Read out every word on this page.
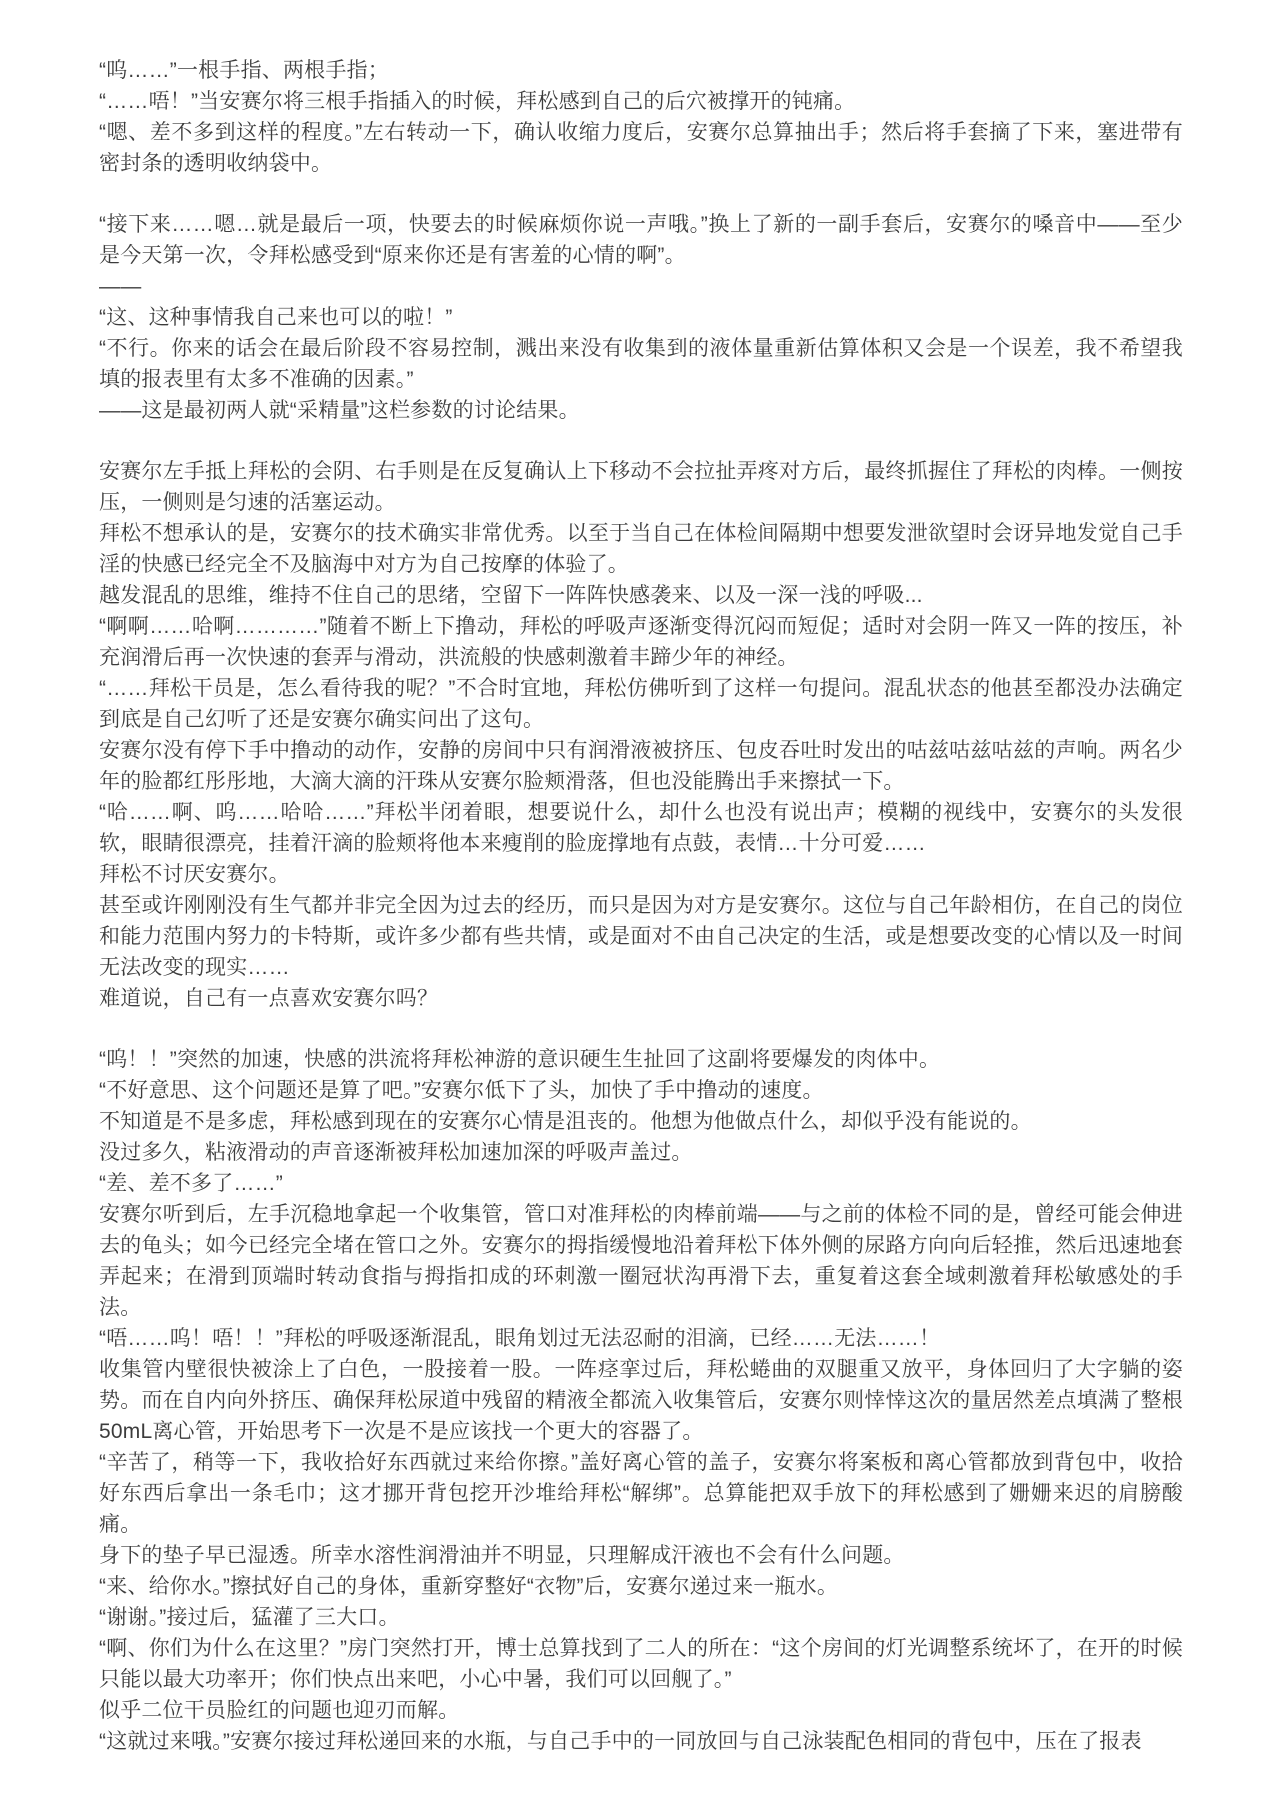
“呜……”一根手指、两根手指；

“……唔！”当安赛尔将三根手指插入的时候，拜松感到自己的后穴被撑开的钝痛。

“嗯、差不多到这样的程度。”左右转动一下，确认收缩力度后，安赛尔总算抽出手；然后将手套摘了下来，塞进带有密封条的透明收纳袋中。

“接下来……嗯…就是最后一项，快要去的时候麻烦你说一声哦。”换上了新的一副手套后，安赛尔的嗓音中——至少是今天第一次，令拜松感受到“原来你还是有害羞的心情的啊”。

——

“这、这种事情我自己来也可以的啦！”

“不行。你来的话会在最后阶段不容易控制，溅出来没有收集到的液体量重新估算体积又会是一个误差，我不希望我填的报表里有太多不准确的因素。”

——这是最初两人就“采精量”这栏参数的讨论结果。

安赛尔左手抵上拜松的会阴、右手则是在反复确认上下移动不会拉扯弄疼对方后，最终抓握住了拜松的肉棒。一侧按压，一侧则是匀速的活塞运动。

拜松不想承认的是，安赛尔的技术确实非常优秀。以至于当自己在体检间隔期中想要发泄欲望时会讶异地发觉自己手淫的快感已经完全不及脑海中对方为自己按摩的体验了。

越发混乱的思维，维持不住自己的思绪，空留下一阵阵快感袭来、以及一深一浅的呼吸...

“啊啊……哈啊…………”随着不断上下撸动，拜松的呼吸声逐渐变得沉闷而短促；适时对会阴一阵又一阵的按压，补充润滑后再一次快速的套弄与滑动，洪流般的快感刺激着丰蹄少年的神经。

“……拜松干员是，怎么看待我的呢？”不合时宜地，拜松仿佛听到了这样一句提问。混乱状态的他甚至都没办法确定到底是自己幻听了还是安赛尔确实问出了这句。

安赛尔没有停下手中撸动的动作，安静的房间中只有润滑液被挤压、包皮吞吐时发出的咕兹咕兹咕兹的声响。两名少年的脸都红彤彤地，大滴大滴的汗珠从安赛尔脸颊滑落，但也没能腾出手来擦拭一下。

“哈……啊、呜……哈哈……”拜松半闭着眼，想要说什么，却什么也没有说出声；模糊的视线中，安赛尔的头发很软，眼睛很漂亮，挂着汗滴的脸颊将他本来瘦削的脸庞撑地有点鼓，表情…十分可爱……

拜松不讨厌安赛尔。

甚至或许刚刚没有生气都并非完全因为过去的经历，而只是因为对方是安赛尔。这位与自己年龄相仿，在自己的岗位和能力范围内努力的卡特斯，或许多少都有些共情，或是面对不由自己决定的生活，或是想要改变的心情以及一时间无法改变的现实……

难道说，自己有一点喜欢安赛尔吗？

“呜！！”突然的加速，快感的洪流将拜松神游的意识硬生生扯回了这副将要爆发的肉体中。

“不好意思、这个问题还是算了吧。”安赛尔低下了头，加快了手中撸动的速度。

不知道是不是多虑，拜松感到现在的安赛尔心情是沮丧的。他想为他做点什么，却似乎没有能说的。

没过多久，粘液滑动的声音逐渐被拜松加速加深的呼吸声盖过。

“差、差不多了……”

安赛尔听到后，左手沉稳地拿起一个收集管，管口对准拜松的肉棒前端——与之前的体检不同的是，曾经可能会伸进去的龟头；如今已经完全堵在管口之外。安赛尔的拇指缓慢地沿着拜松下体外侧的尿路方向向后轻推，然后迅速地套弄起来；在滑到顶端时转动食指与拇指扣成的环刺激一圈冠状沟再滑下去，重复着这套全域刺激着拜松敏感处的手法。

“唔……呜！唔！！”拜松的呼吸逐渐混乱，眼角划过无法忍耐的泪滴，已经……无法……！

收集管内壁很快被涂上了白色，一股接着一股。一阵痉挛过后，拜松蜷曲的双腿重又放平，身体回归了大字躺的姿势。而在自内向外挤压、确保拜松尿道中残留的精液全都流入收集管后，安赛尔则悻悻这次的量居然差点填满了整根50mL离心管，开始思考下一次是不是应该找一个更大的容器了。

“辛苦了，稍等一下，我收拾好东西就过来给你擦。”盖好离心管的盖子，安赛尔将案板和离心管都放到背包中，收拾好东西后拿出一条毛巾；这才挪开背包挖开沙堆给拜松“解绑”。总算能把双手放下的拜松感到了姗姗来迟的肩膀酸痛。

身下的垫子早已湿透。所幸水溶性润滑油并不明显，只理解成汗液也不会有什么问题。

“来、给你水。”擦拭好自己的身体，重新穿整好“衣物”后，安赛尔递过来一瓶水。

“谢谢。”接过后，猛灌了三大口。

“啊、你们为什么在这里？”房门突然打开，博士总算找到了二人的所在：“这个房间的灯光调整系统坏了，在开的时候只能以最大功率开；你们快点出来吧，小心中暑，我们可以回舰了。”

似乎二位干员脸红的问题也迎刃而解。

“这就过来哦。”安赛尔接过拜松递回来的水瓶，与自己手中的一同放回与自己泳装配色相同的背包中，压在了报表
